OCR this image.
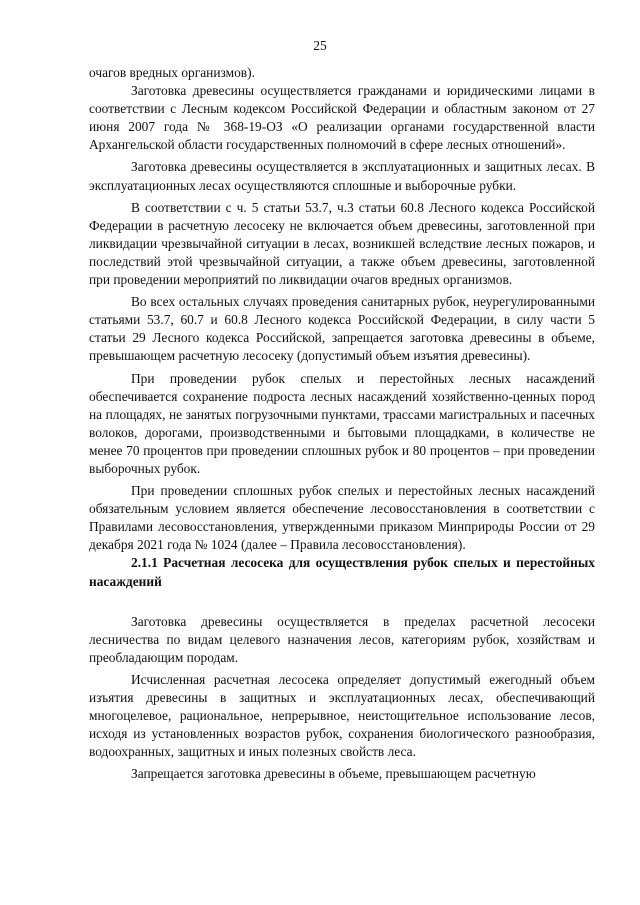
25

очагов вредных организмов).

Заготовка древесины осуществляется гражданами и юридическими лицами в соответствии с Лесным кодексом Российской Федерации и областным законом от 27 июня 2007 года № 368-19-ОЗ «О реализации органами государственной власти Архангельской области государственных полномочий в сфере лесных отношений».

Заготовка древесины осуществляется в эксплуатационных и защитных лесах. В эксплуатационных лесах осуществляются сплошные и выборочные рубки.

В соответствии с ч. 5 статьи 53.7, ч.3 статьи 60.8 Лесного кодекса Российской Федерации в расчетную лесосеку не включается объем древесины, заготовленной при ликвидации чрезвычайной ситуации в лесах, возникшей вследствие лесных пожаров, и последствий этой чрезвычайной ситуации, а также объем древесины, заготовленной при проведении мероприятий по ликвидации очагов вредных организмов.

Во всех остальных случаях проведения санитарных рубок, неурегулированными статьями 53.7, 60.7 и 60.8 Лесного кодекса Российской Федерации, в силу части 5 статьи 29 Лесного кодекса Российской, запрещается заготовка древесины в объеме, превышающем расчетную лесосеку (допустимый объем изъятия древесины).

При проведении рубок спелых и перестойных лесных насаждений обеспечивается сохранение подроста лесных насаждений хозяйственно-ценных пород на площадях, не занятых погрузочными пунктами, трассами магистральных и пасечных волоков, дорогами, производственными и бытовыми площадками, в количестве не менее 70 процентов при проведении сплошных рубок и 80 процентов – при проведении выборочных рубок.

При проведении сплошных рубок спелых и перестойных лесных насаждений обязательным условием является обеспечение лесовосстановления в соответствии с Правилами лесовосстановления, утвержденными приказом Минприроды России от 29 декабря 2021 года № 1024 (далее – Правила лесовосстановления).

2.1.1 Расчетная лесосека для осуществления рубок спелых и перестойных насаждений

Заготовка древесины осуществляется в пределах расчетной лесосеки лесничества по видам целевого назначения лесов, категориям рубок, хозяйствам и преобладающим породам.

Исчисленная расчетная лесосека определяет допустимый ежегодный объем изъятия древесины в защитных и эксплуатационных лесах, обеспечивающий многоцелевое, рациональное, непрерывное, неистощительное использование лесов, исходя из установленных возрастов рубок, сохранения биологического разнообразия, водоохранных, защитных и иных полезных свойств леса.

Запрещается заготовка древесины в объеме, превышающем расчетную
